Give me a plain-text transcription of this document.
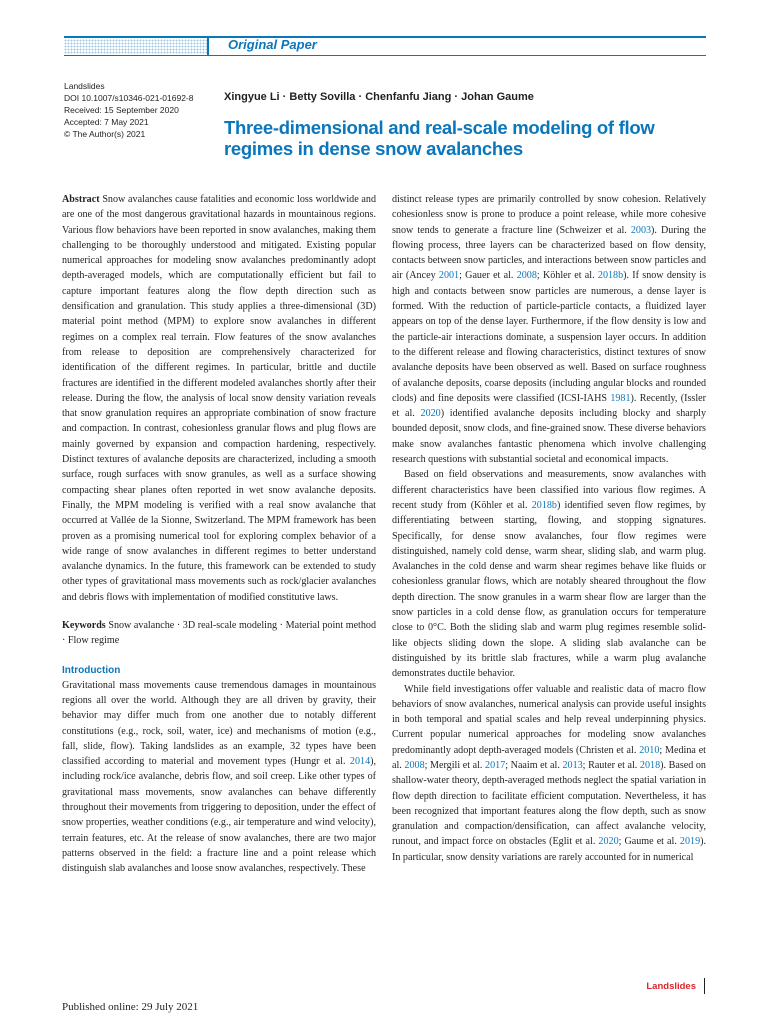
Original Paper
Landslides
DOI 10.1007/s10346-021-01692-8
Received: 15 September 2020
Accepted: 7 May 2021
© The Author(s) 2021
Xingyue Li · Betty Sovilla · Chenfanfu Jiang · Johan Gaume
Three-dimensional and real-scale modeling of flow regimes in dense snow avalanches

Abstract Snow avalanches cause fatalities and economic loss worldwide and are one of the most dangerous gravitational hazards in mountainous regions. Various flow behaviors have been reported in snow avalanches, making them challenging to be thoroughly understood and mitigated. Existing popular numerical approaches for modeling snow avalanches predominantly adopt depth-averaged models, which are computationally efficient but fail to capture important features along the flow depth direction such as densification and granulation. This study applies a three-dimensional (3D) material point method (MPM) to explore snow avalanches in different regimes on a complex real terrain. Flow features of the snow avalanches from release to deposition are comprehensively characterized for identification of the different regimes. In particular, brittle and ductile fractures are identified in the different modeled avalanches shortly after their release. During the flow, the analysis of local snow density variation reveals that snow granulation requires an appropriate combination of snow fracture and compaction. In contrast, cohesionless granular flows and plug flows are mainly governed by expansion and compaction hardening, respectively. Distinct textures of avalanche deposits are characterized, including a smooth surface, rough surfaces with snow granules, as well as a surface showing compacting shear planes often reported in wet snow avalanche deposits. Finally, the MPM modeling is verified with a real snow avalanche that occurred at Vallée de la Sionne, Switzerland. The MPM framework has been proven as a promising numerical tool for exploring complex behavior of a wide range of snow avalanches in different regimes to better understand avalanche dynamics. In the future, this framework can be extended to study other types of gravitational mass movements such as rock/glacier avalanches and debris flows with implementation of modified constitutive laws.

Keywords Snow avalanche · 3D real-scale modeling · Material point method · Flow regime

Introduction

Gravitational mass movements cause tremendous damages in mountainous regions all over the world. Although they are all driven by gravity, their behavior may differ much from one another due to notably different constitutions (e.g., rock, soil, water, ice) and mechanisms of motion (e.g., fall, slide, flow). Taking landslides as an example, 32 types have been classified according to material and movement types (Hungr et al. 2014), including rock/ice avalanche, debris flow, and soil creep. Like other types of gravitational mass movements, snow avalanches can behave differently throughout their movements from triggering to deposition, under the effect of snow properties, weather conditions (e.g., air temperature and wind velocity), terrain features, etc. At the release of snow avalanches, there are two major patterns observed in the field: a fracture line and a point release which distinguish slab avalanches and loose snow avalanches, respectively. These

distinct release types are primarily controlled by snow cohesion. Relatively cohesionless snow is prone to produce a point release, while more cohesive snow tends to generate a fracture line (Schweizer et al. 2003). During the flowing process, three layers can be characterized based on flow density, contacts between snow particles, and interactions between snow particles and air (Ancey 2001; Gauer et al. 2008; Köhler et al. 2018b). If snow density is high and contacts between snow particles are numerous, a dense layer is formed. With the reduction of particle-particle contacts, a fluidized layer appears on top of the dense layer. Furthermore, if the flow density is low and the particle-air interactions dominate, a suspension layer occurs. In addition to the different release and flowing characteristics, distinct textures of snow avalanche deposits have been observed as well. Based on surface roughness of avalanche deposits, coarse deposits (including angular blocks and rounded clods) and fine deposits were classified (ICSI-IAHS 1981). Recently, (Issler et al. 2020) identified avalanche deposits including blocky and sharply bounded deposit, snow clods, and fine-grained snow. These diverse behaviors make snow avalanches fantastic phenomena which involve challenging research questions with substantial societal and economical impacts.

Based on field observations and measurements, snow avalanches with different characteristics have been classified into various flow regimes. A recent study from (Köhler et al. 2018b) identified seven flow regimes, by differentiating between starting, flowing, and stopping signatures. Specifically, for dense snow avalanches, four flow regimes were distinguished, namely cold dense, warm shear, sliding slab, and warm plug. Avalanches in the cold dense and warm shear regimes behave like fluids or cohesionless granular flows, which are notably sheared throughout the flow depth direction. The snow granules in a warm shear flow are larger than the snow particles in a cold dense flow, as granulation occurs for temperature close to 0°C. Both the sliding slab and warm plug regimes resemble solid-like objects sliding down the slope. A sliding slab avalanche can be distinguished by its brittle slab fractures, while a warm plug avalanche demonstrates ductile behavior.

While field investigations offer valuable and realistic data of macro flow behaviors of snow avalanches, numerical analysis can provide useful insights in both temporal and spatial scales and help reveal underpinning physics. Current popular numerical approaches for modeling snow avalanches predominantly adopt depth-averaged models (Christen et al. 2010; Medina et al. 2008; Mergili et al. 2017; Naaim et al. 2013; Rauter et al. 2018). Based on shallow-water theory, depth-averaged methods neglect the spatial variation in flow depth direction to facilitate efficient computation. Nevertheless, it has been recognized that important features along the flow depth, such as snow granulation and compaction/densification, can affect avalanche velocity, runout, and impact force on obstacles (Eglit et al. 2020; Gaume et al. 2019). In particular, snow density variations are rarely accounted for in numerical

Landslides
Published online: 29 July 2021
